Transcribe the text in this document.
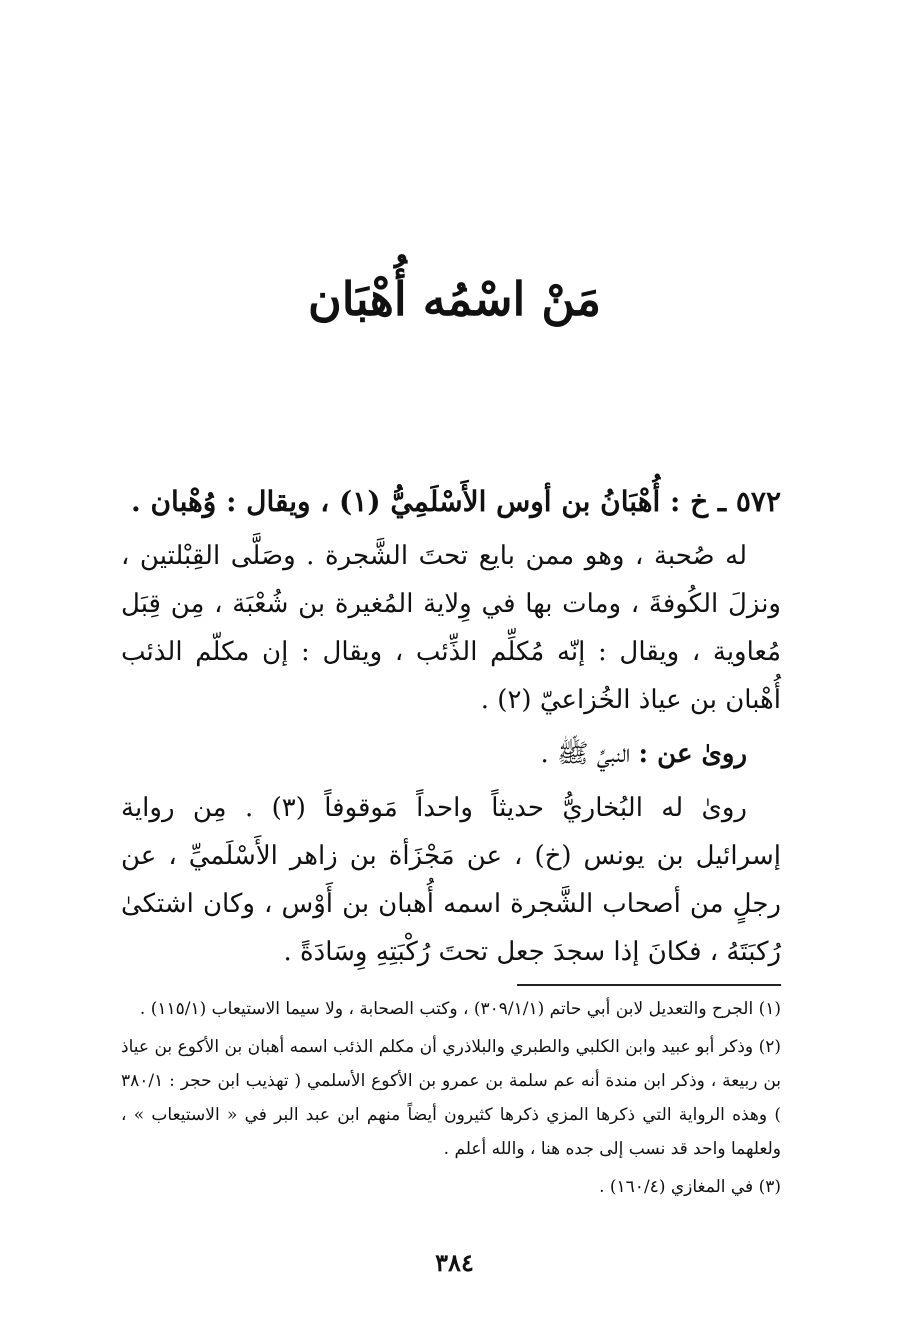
مَنْ اسْمُه أُهْبَان

٥٧٢ ـ خ : أُهْبَانُ بن أوس الأَسْلَمِيُّ (١) ، ويقال : وُهْبان .

له صُحبة ، وهو ممن بايع تحتَ الشَّجرة . وصَلَّى القِبْلتين ، ونزلَ الكُوفةَ ، ومات بها في وِلاية المُغيرة بن شُعْبَة ، مِن قِبَل مُعاوية ، ويقال : إنّه مُكلِّم الذِّئب ، ويقال : إن مكلّم الذئب أُهْبان بن عياذ الخُزاعيّ (٢) .

روىٰ عن : النبيِّ ﷺ .

روىٰ له البُخاريُّ حديثاً واحداً مَوقوفاً (٣) . مِن رواية إسرائيل بن يونس (خ) ، عن مَجْزَأة بن زاهر الأَسْلَميِّ ، عن رجلٍ من أصحاب الشَّجرة اسمه أُهبان بن أَوْس ، وكان اشتكىٰ رُكبَتَهُ ، فكانَ إذا سجدَ جعل تحتَ رُكْبَتِهِ وِسَادَةً .

(١) الجرح والتعديل لابن أبي حاتم (٣٠٩/١/١) ، وكتب الصحابة ، ولا سيما الاستيعاب (١١٥/١) .

(٢) وذكر أبو عبيد وابن الكلبي والطبري والبلاذري أن مكلم الذئب اسمه أهبان بن الأكوع بن عياذ بن ربيعة ، وذكر ابن مندة أنه عم سلمة بن عمرو بن الأكوع الأسلمي ( تهذيب ابن حجر : ٣٨٠/١ ) وهذه الرواية التي ذكرها المزي ذكرها كثيرون أيضاً منهم ابن عبد البر في « الاستيعاب » ، ولعلهما واحد قد نسب إلى جده هنا ، والله أعلم .

(٣) في المغازي (١٦٠/٤) .

٣٨٤
